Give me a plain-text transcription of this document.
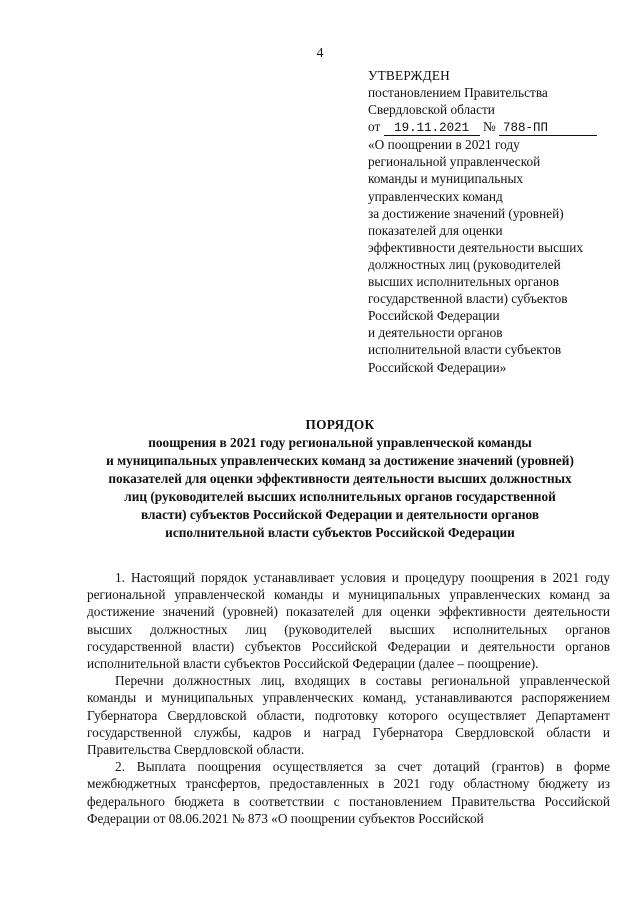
4
УТВЕРЖДЕН
постановлением Правительства
Свердловской области
от 19.11.2021 № 788-ПП
«О поощрении в 2021 году
региональной управленческой
команды и муниципальных
управленческих команд
за достижение значений (уровней)
показателей для оценки
эффективности деятельности высших
должностных лиц (руководителей
высших исполнительных органов
государственной власти) субъектов
Российской Федерации
и деятельности органов
исполнительной власти субъектов
Российской Федерации»
ПОРЯДОК
поощрения в 2021 году региональной управленческой команды
и муниципальных управленческих команд за достижение значений (уровней)
показателей для оценки эффективности деятельности высших должностных
лиц (руководителей высших исполнительных органов государственной
власти) субъектов Российской Федерации и деятельности органов
исполнительной власти субъектов Российской Федерации

1. Настоящий порядок устанавливает условия и процедуру поощрения в 2021 году региональной управленческой команды и муниципальных управленческих команд за достижение значений (уровней) показателей для оценки эффективности деятельности высших должностных лиц (руководителей высших исполнительных органов государственной власти) субъектов Российской Федерации и деятельности органов исполнительной власти субъектов Российской Федерации (далее – поощрение).

Перечни должностных лиц, входящих в составы региональной управленческой команды и муниципальных управленческих команд, устанавливаются распоряжением Губернатора Свердловской области, подготовку которого осуществляет Департамент государственной службы, кадров и наград Губернатора Свердловской области и Правительства Свердловской области.

2. Выплата поощрения осуществляется за счет дотаций (грантов) в форме межбюджетных трансфертов, предоставленных в 2021 году областному бюджету из федерального бюджета в соответствии с постановлением Правительства Российской Федерации от 08.06.2021 № 873 «О поощрении субъектов Российской
